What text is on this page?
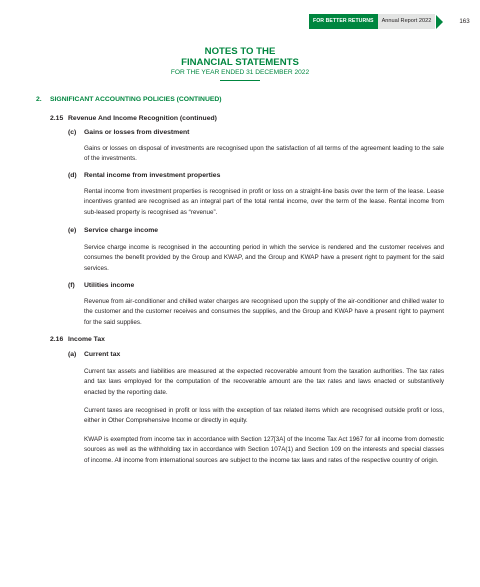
FOR BETTER RETURNS	Annual Report 2022	163
NOTES TO THE
FINANCIAL STATEMENTS
FOR THE YEAR ENDED 31 DECEMBER 2022
2. SIGNIFICANT ACCOUNTING POLICIES (CONTINUED)
2.15 Revenue And Income Recognition (continued)
(c) Gains or losses from divestment

Gains or losses on disposal of investments are recognised upon the satisfaction of all terms of the agreement leading to the sale of the investments.

(d) Rental income from investment properties

Rental income from investment properties is recognised in profit or loss on a straight-line basis over the term of the lease. Lease incentives granted are recognised as an integral part of the total rental income, over the term of the lease. Rental income from sub-leased property is recognised as “revenue”.

(e) Service charge income

Service charge income is recognised in the accounting period in which the service is rendered and the customer receives and consumes the benefit provided by the Group and KWAP, and the Group and KWAP have a present right to payment for the said services.

(f) Utilities income

Revenue from air-conditioner and chilled water charges are recognised upon the supply of the air-conditioner and chilled water to the customer and the customer receives and consumes the supplies, and the Group and KWAP have a present right to payment for the said supplies.

2.16 Income Tax
(a) Current tax

Current tax assets and liabilities are measured at the expected recoverable amount from the taxation authorities. The tax rates and tax laws employed for the computation of the recoverable amount are the tax rates and laws enacted or substantively enacted by the reporting date.

Current taxes are recognised in profit or loss with the exception of tax related items which are recognised outside profit or loss, either in Other Comprehensive Income or directly in equity.

KWAP is exempted from income tax in accordance with Section 127[3A] of the Income Tax Act 1967 for all income from domestic sources as well as the withholding tax in accordance with Section 107A(1) and Section 109 on the interests and special classes of income. All income from international sources are subject to the income tax laws and rates of the respective country of origin.
